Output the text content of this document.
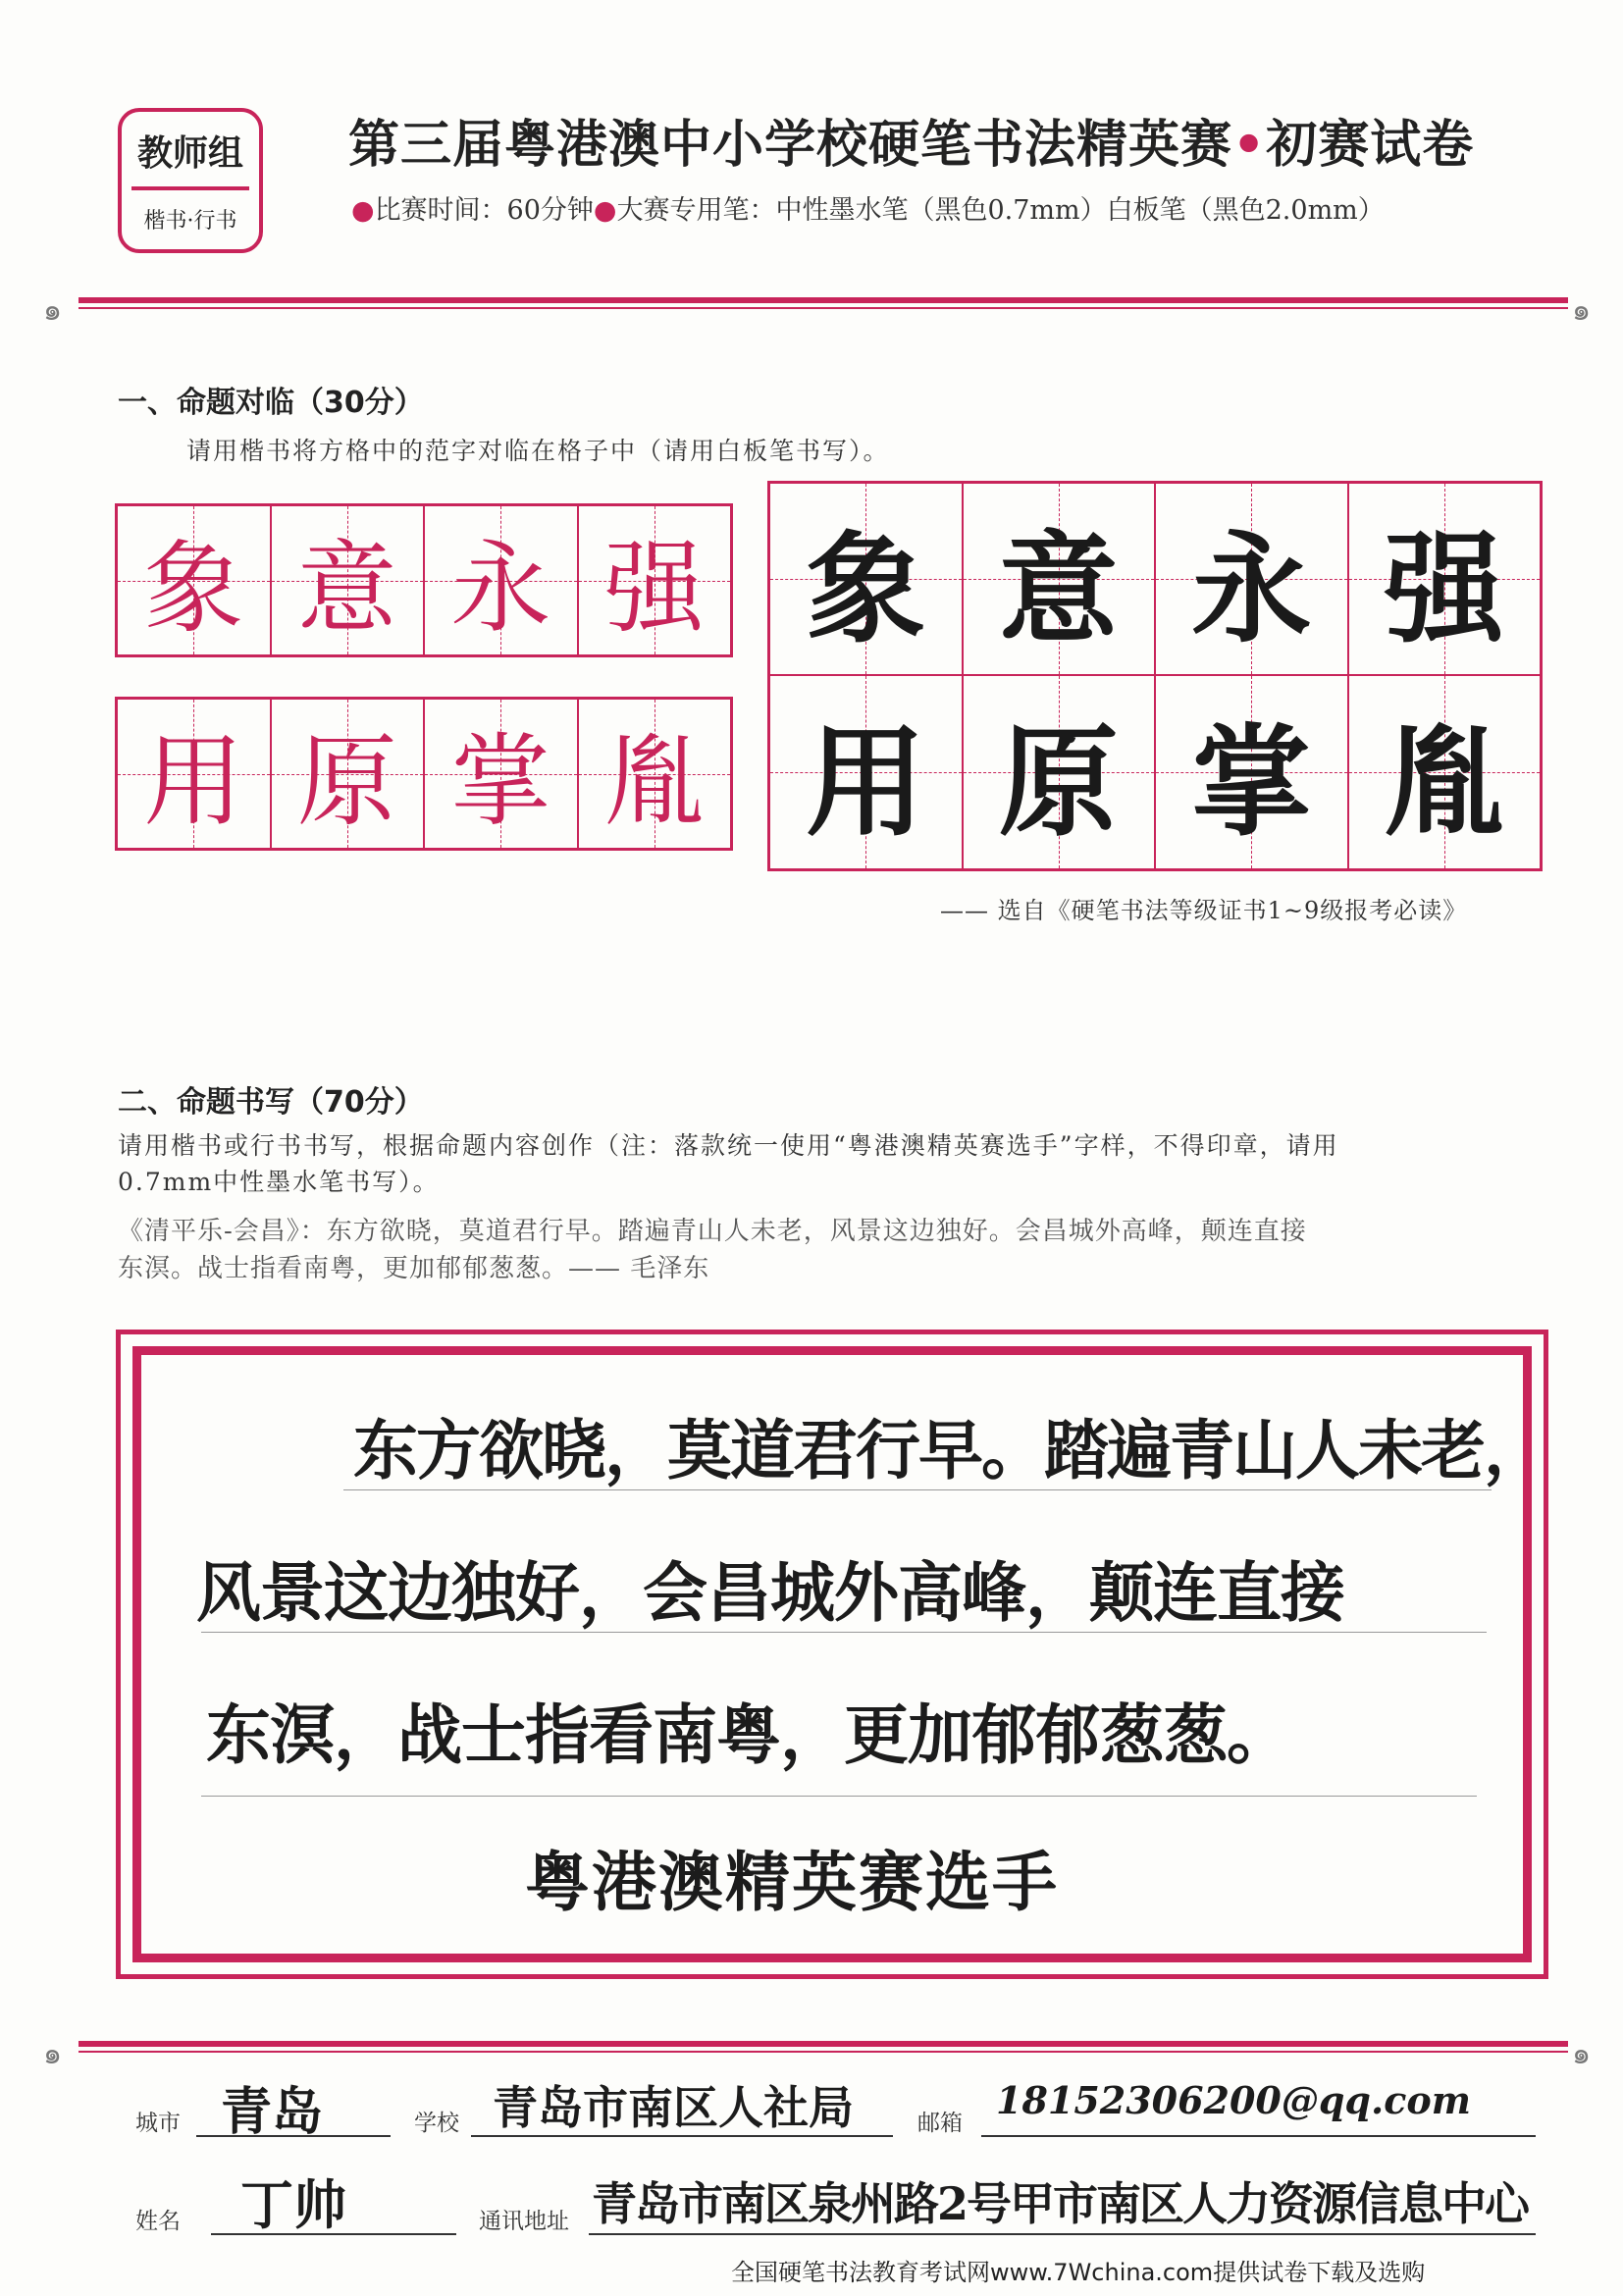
教师组
楷书·行书
第三届粤港澳中小学校硬笔书法精英赛•初赛试卷
●比赛时间：60分钟●大赛专用笔：中性墨水笔（黑色0.7mm）白板笔（黑色2.0mm）
๑	๑
一、命题对临（30分）
请用楷书将方格中的范字对临在格子中（请用白板笔书写）。
象 意 永 强
用 原 掌 胤
象 意 永 强
用 原 掌 胤
—— 选自《硬笔书法等级证书1~9级报考必读》
二、命题书写（70分）
请用楷书或行书书写，根据命题内容创作（注：落款统一使用“粤港澳精英赛选手”字样，不得印章，请用
0.7mm中性墨水笔书写）。
《清平乐-会昌》：东方欲晓，莫道君行早。踏遍青山人未老，风景这边独好。会昌城外高峰，颠连直接
东溟。战士指看南粤，更加郁郁葱葱。—— 毛泽东
东方欲晓，莫道君行早。踏遍青山人未老，
风景这边独好，会昌城外高峰，颠连直接
东溟，战士指看南粤，更加郁郁葱葱。
粤港澳精英赛选手
๑	๑
城市 青岛	学校 青岛市南区人社局	邮箱
18152306200@qq.com
姓名 丁帅	通讯地址 青岛市南区泉州路2号甲市南区人力资源信息中心
全国硬笔书法教育考试网www.7Wchina.com提供试卷下载及选购
